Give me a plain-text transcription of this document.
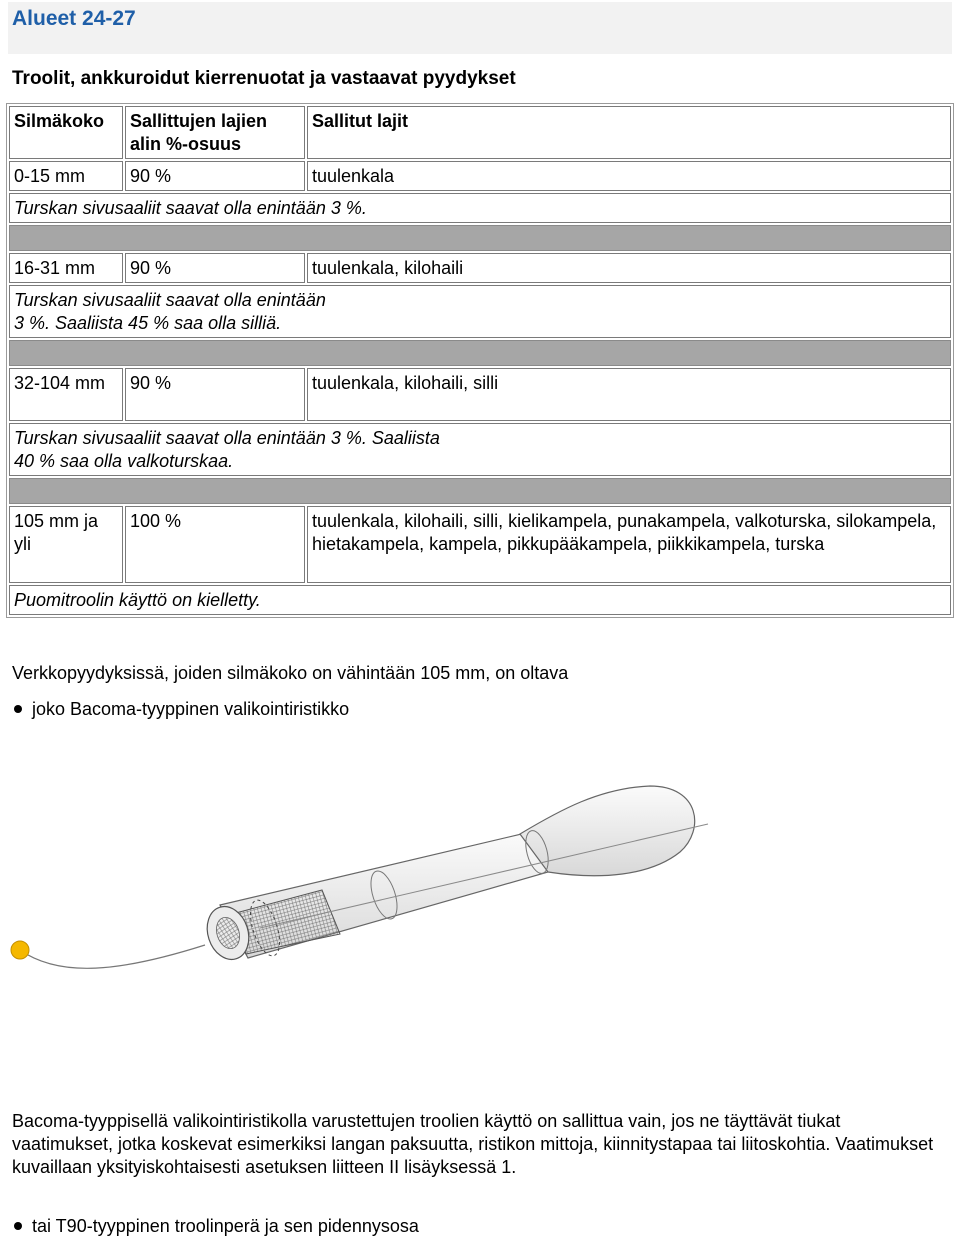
Alueet 24-27
Troolit, ankkuroidut kierrenuotat ja vastaavat pyydykset
Silmäkoko	Sallittujen lajien alin %-osuus	Sallitut lajit
0-15 mm	90 %	tuulenkala
Turskan sivusaaliit saavat olla enintään 3 %.		

16-31 mm	90 %	tuulenkala, kilohaili
Turskan sivusaaliit saavat olla enintään 3 %. Saaliista 45 % saa olla silliä.		

32-104 mm	90 %	tuulenkala, kilohaili, silli
Turskan sivusaaliit saavat olla enintään 3 %. Saaliista 40 % saa olla valkoturskaa.		

105 mm ja yli	100 %	tuulenkala, kilohaili, silli, kielikampela, punakampela, valkoturska, silokampela, hietakampela, kampela, pikkupääkampela, piikkikampela, turska
Puomitroolin käyttö on kielletty.		
Verkkopyydyksissä, joiden silmäkoko on vähintään 105 mm, on oltava
joko Bacoma-tyyppinen valikointiristikko
Bacoma-tyyppisellä valikointiristikolla varustettujen troolien käyttö on sallittua vain, jos ne täyttävät tiukat vaatimukset, jotka koskevat esimerkiksi langan paksuutta, ristikon mittoja, kiinnitystapaa tai liitoskohtia. Vaatimukset kuvaillaan yksityiskohtaisesti asetuksen liitteen II lisäyksessä 1.
tai T90-tyyppinen troolinperä ja sen pidennysosa
